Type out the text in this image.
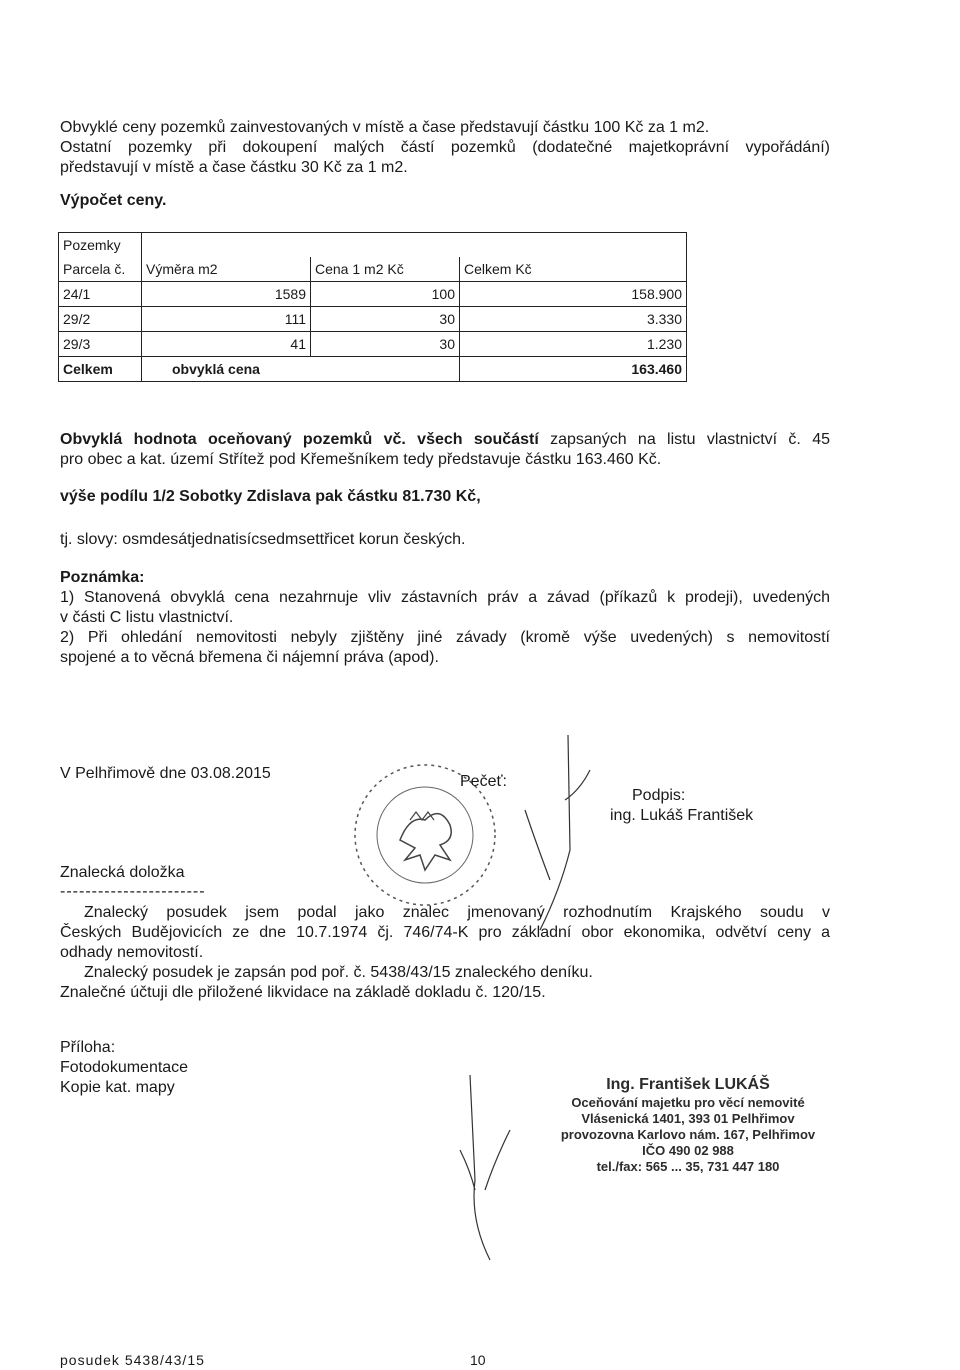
Obvyklé ceny pozemků zainvestovaných v místě a čase představují částku 100 Kč za 1 m2.

Ostatní pozemky při dokoupení malých částí pozemků (dodatečné majetkoprávní vypořádání)

představují v místě a čase částku 30 Kč za 1 m2.

Výpočet ceny.
Pozemky			
Parcela č.	Výměra m2	Cena 1 m2 Kč	Celkem Kč
24/1	1589	100	158.900
29/2	111	30	3.330
29/3	41	30	1.230
Celkem	obvyklá cena		163.460

Obvyklá hodnota oceňovaný pozemků vč. všech součástí zapsaných na listu vlastnictví č. 45

pro obec a kat. území Střítež pod Křemešníkem tedy představuje částku 163.460 Kč.

výše podílu 1/2 Sobotky Zdislava pak částku 81.730 Kč,
tj. slovy: osmdesátjednatisícsedmsettřicet korun českých.

Poznámka:

1) Stanovená obvyklá cena nezahrnuje vliv zástavních práv a závad (příkazů k prodeji), uvedených

v části C listu vlastnictví.

2) Při ohledání nemovitosti nebyly zjištěny jiné závady (kromě výše uvedených) s nemovitostí

spojené a to věcná břemena či nájemní práva (apod).

V Pelhřimově dne 03.08.2015	Pečeť:
Podpis:
ing. Lukáš František
Znalecká doložka
-----------------------

Znalecký posudek jsem podal jako znalec jmenovaný rozhodnutím Krajského soudu v

Českých Budějovicích ze dne 10.7.1974 čj. 746/74-K pro základní obor ekonomika, odvětví ceny a

odhady nemovitostí.

Znalecký posudek je zapsán pod poř. č. 5438/43/15 znaleckého deníku.

Znalečné účtuji dle přiložené likvidace na základě dokladu č. 120/15.

Příloha:

Fotodokumentace

Kopie kat. mapy	Ing. František LUKÁŠ

Oceňování majetku pro věcí nemovité

Vlásenická 1401, 393 01 Pelhřimov

provozovna Karlovo nám. 167, Pelhřimov

IČO 490 02 988

tel./fax: 565 ... 35, 731 447 180

posudek 5438/43/15	10
